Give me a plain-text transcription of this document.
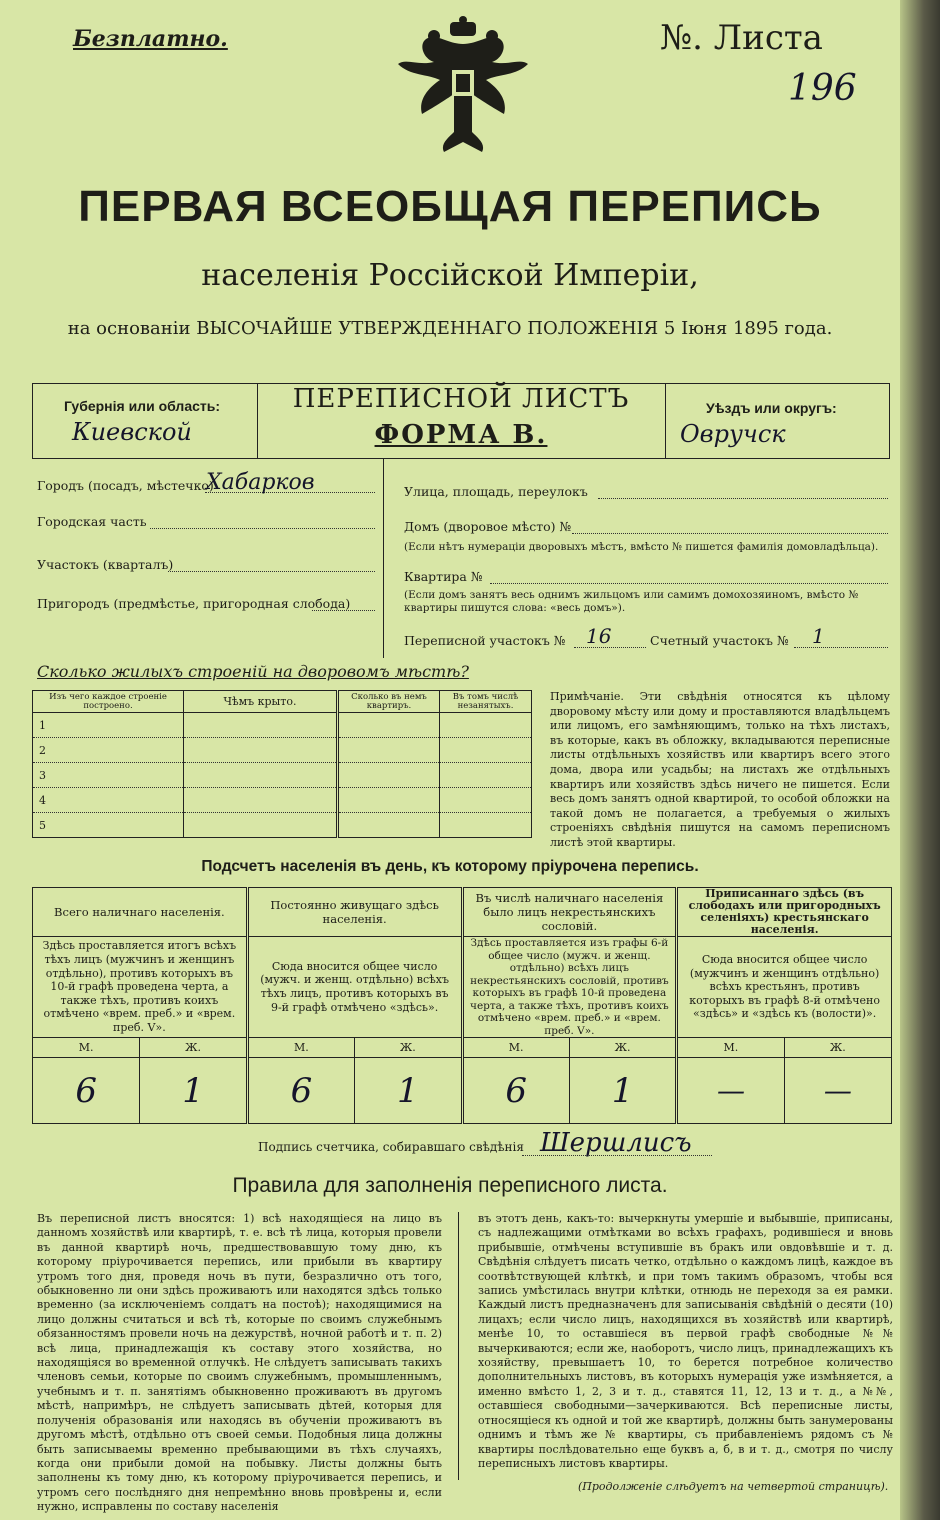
Безплатно.	№. Листа
196
ПЕРВАЯ ВСЕОБЩАЯ ПЕРЕПИСЬ
населенія Россійской Имперіи,
на основаніи ВЫСОЧАЙШЕ УТВЕРЖДЕННАГО ПОЛОЖЕНІЯ 5 Іюня 1895 года.
Губернія или область:
Киевской
ПЕРЕПИСНОЙ ЛИСТЪ
ФОРМА В.
Уѣздъ или округъ:
Овручск
Городъ (посадъ, мѣстечко)
Хабарков
Городская часть
Участокъ (кварталъ)
Пригородъ (предмѣстье, пригородная слобода)
Улица, площадь, переулокъ
Домъ (дворовое мѣсто) №
(Если нѣтъ нумераціи дворовыхъ мѣстъ, вмѣсто № пишется фамилія домовладѣльца).
Квартира №
(Если домъ занятъ весь однимъ жильцомъ или самимъ домохозяиномъ, вмѣсто № квартиры пишутся слова: «весь домъ»).
Переписной участокъ № 16	Счетный участокъ № 1
Сколько жилыхъ строеній на дворовомъ мѣстѣ?
Изъ чего каждое строеніе построено.	Чѣмъ крыто.	Сколько въ немъ квартиръ.	Въ томъ числѣ незанятыхъ.
1			
2			
3			
4			
5			
Примѣчаніе. Эти свѣдѣнія относятся къ цѣлому дворовому мѣсту или дому и проставляются владѣльцемъ или лицомъ, его замѣняющимъ, только на тѣхъ листахъ, въ которые, какъ въ обложку, вкладываются переписные листы отдѣльныхъ хозяйствъ или квартиръ всего этого дома, двора или усадьбы; на листахъ же отдѣльныхъ квартиръ или хозяйствъ здѣсь ничего не пишется. Если весь домъ занятъ одной квартирой, то особой обложки на такой домъ не полагается, а требуемыя о жилыхъ строеніяхъ свѣдѣнія пишутся на самомъ переписномъ листѣ этой квартиры.
Подсчетъ населенія въ день, къ которому пріурочена перепись.
Всего наличнаго населенія.		Постоянно живущаго здѣсь населенія.		Въ числѣ наличнаго населенія было лицъ некрестьянскихъ сословій.		Приписаннаго здѣсь (въ слободахъ или пригородныхъ селеніяхъ) крестьянскаго населенія.	
Здѣсь проставляется итогъ всѣхъ тѣхъ лицъ (мужчинъ и женщинъ отдѣльно), противъ которыхъ въ 10-й графѣ проведена черта, а также тѣхъ, противъ коихъ отмѣчено «врем. преб.» и «врем. преб. V».		Сюда вносится общее число (мужч. и женщ. отдѣльно) всѣхъ тѣхъ лицъ, противъ которыхъ въ 9-й графѣ отмѣчено «здѣсь».		Здѣсь проставляется изъ графы 6-й общее число (мужч. и женщ. отдѣльно) всѣхъ лицъ некрестьянскихъ сословій, противъ которыхъ въ графѣ 10-й проведена черта, а также тѣхъ, противъ коихъ отмѣчено «врем. преб.» и «врем. преб. V».		Сюда вносится общее число (мужчинъ и женщинъ отдѣльно) всѣхъ крестьянъ, противъ которыхъ въ графѣ 8-й отмѣчено «здѣсь» и «здѣсь къ (волости)».	
М.	Ж.	М.	Ж.	М.	Ж.	М.	Ж.
6	1	6	1	6	1	—	—
Подпись счетчика, собиравшаго свѣдѣнія Шершлисъ
Правила для заполненія переписного листа.
Въ переписной листъ вносятся: 1) всѣ находящіеся на лицо въ данномъ хозяйствѣ или квартирѣ, т. е. всѣ тѣ лица, которыя провели въ данной квартирѣ ночь, предшествовавшую тому дню, къ которому пріурочивается перепись, или прибыли въ квартиру утромъ того дня, проведя ночь въ пути, безразлично отъ того, обыкновенно ли они здѣсь проживаютъ или находятся здѣсь только временно (за исключеніемъ солдатъ на постоѣ); находящимися на лицо должны считаться и всѣ тѣ, которые по своимъ служебнымъ обязанностямъ провели ночь на дежурствѣ, ночной работѣ и т. п. 2) всѣ лица, принадлежащія къ составу этого хозяйства, но находящіяся во временной отлучкѣ. Не слѣдуетъ записывать такихъ членовъ семьи, которые по своимъ служебнымъ, промышленнымъ, учебнымъ и т. п. занятіямъ обыкновенно проживаютъ въ другомъ мѣстѣ, напримѣръ, не слѣдуетъ записывать дѣтей, которыя для полученія образованія или находясь въ обученіи проживаютъ въ другомъ мѣстѣ, отдѣльно отъ своей семьи. Подобныя лица должны быть записываемы временно пребывающими въ тѣхъ случаяхъ, когда они прибыли домой на побывку. Листы должны быть заполнены къ тому дню, къ которому пріурочивается перепись, и утромъ сего послѣдняго дня непремѣнно вновь провѣрены и, если нужно, исправлены по составу населенія
въ этотъ день, какъ-то: вычеркнуты умершіе и выбывшіе, приписаны, съ надлежащими отмѣтками во всѣхъ графахъ, родившіеся и вновь прибывшіе, отмѣчены вступившіе въ бракъ или овдовѣвшіе и т. д. Свѣдѣнія слѣдуетъ писать четко, отдѣльно о каждомъ лицѣ, каждое въ соотвѣтствующей клѣткѣ, и при томъ такимъ образомъ, чтобы вся запись умѣстилась внутри клѣтки, отнюдь не переходя за ея рамки. Каждый листъ предназначенъ для записыванія свѣдѣній о десяти (10) лицахъ; если число лицъ, находящихся въ хозяйствѣ или квартирѣ, менѣе 10, то оставшіеся въ первой графѣ свободные №№ вычеркиваются; если же, наоборотъ, число лицъ, принадлежащихъ къ хозяйству, превышаетъ 10, то берется потребное количество дополнительныхъ листовъ, въ которыхъ нумерація уже измѣняется, а именно вмѣсто 1, 2, 3 и т. д., ставятся 11, 12, 13 и т. д., а №№, оставшіеся свободными—зачеркиваются. Всѣ переписные листы, относящіеся къ одной и той же квартирѣ, должны быть занумерованы однимъ и тѣмъ же № квартиры, съ прибавленіемъ рядомъ съ № квартиры послѣдовательно еще буквъ а, б, в и т. д., смотря по числу переписныхъ листовъ квартиры.
(Продолженіе слѣдуетъ на четвертой страницѣ).
